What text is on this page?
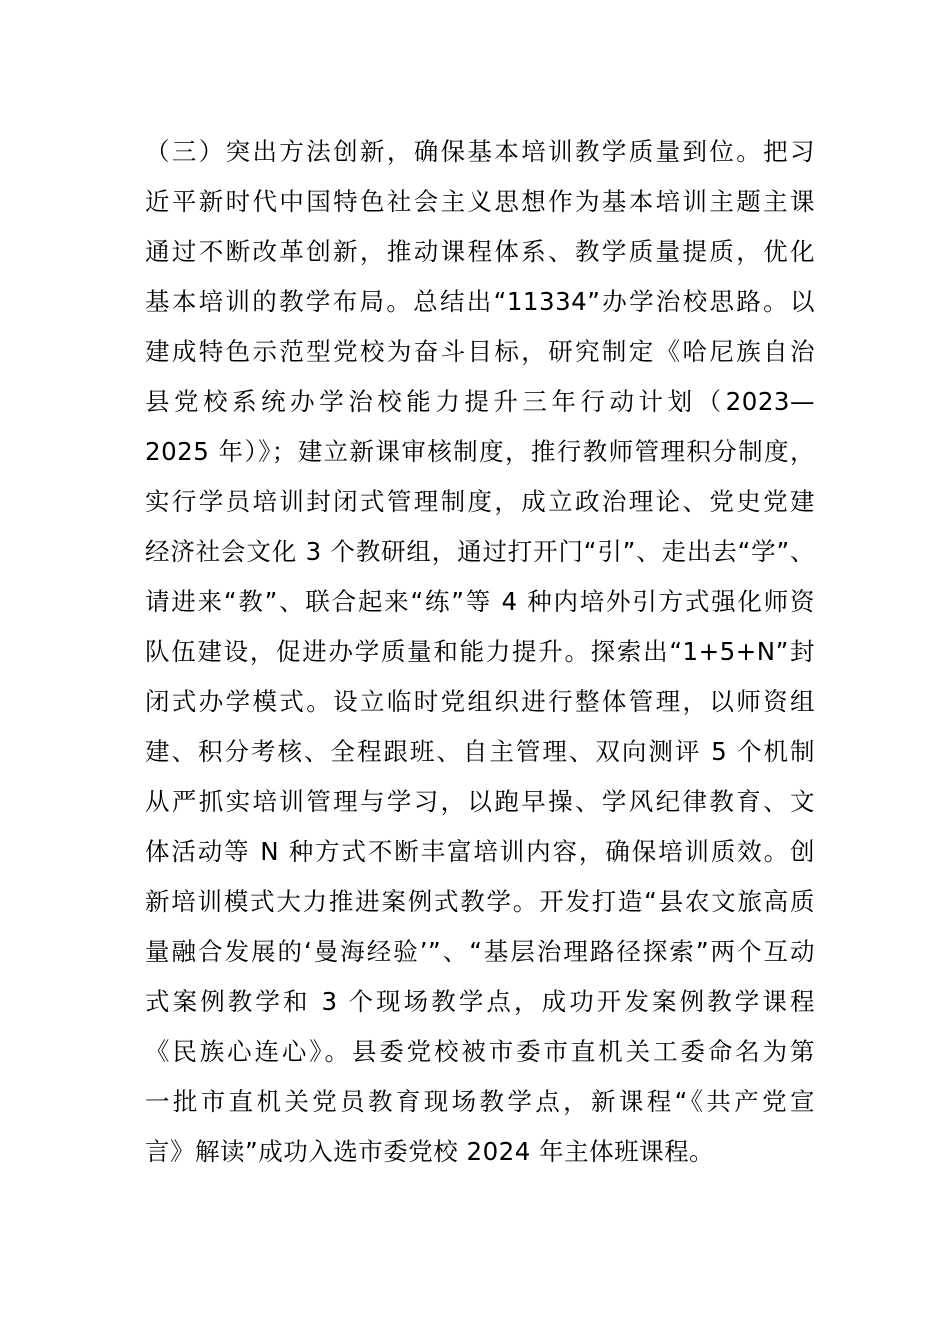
（三）突出方法创新，确保基本培训教学质量到位。把习
近平新时代中国特色社会主义思想作为基本培训主题主课
通过不断改革创新，推动课程体系、教学质量提质，优化
基本培训的教学布局。总结出“11334”办学治校思路。以
建成特色示范型党校为奋斗目标，研究制定《哈尼族自治
县党校系统办学治校能力提升三年行动计划（2023—
2025 年）》；建立新课审核制度，推行教师管理积分制度，
实行学员培训封闭式管理制度，成立政治理论、党史党建
经济社会文化 3 个教研组，通过打开门“引”、走出去“学”、
请进来“教”、联合起来“练”等 4 种内培外引方式强化师资
队伍建设，促进办学质量和能力提升。探索出“1+5+N”封
闭式办学模式。设立临时党组织进行整体管理，以师资组
建、积分考核、全程跟班、自主管理、双向测评 5 个机制
从严抓实培训管理与学习，以跑早操、学风纪律教育、文
体活动等 N 种方式不断丰富培训内容，确保培训质效。创
新培训模式大力推进案例式教学。开发打造“县农文旅高质
量融合发展的‘曼海经验’”、“基层治理路径探索”两个互动
式案例教学和 3 个现场教学点，成功开发案例教学课程
《民族心连心》。县委党校被市委市直机关工委命名为第
一批市直机关党员教育现场教学点，新课程“《共产党宣
言》解读”成功入选市委党校 2024 年主体班课程。
